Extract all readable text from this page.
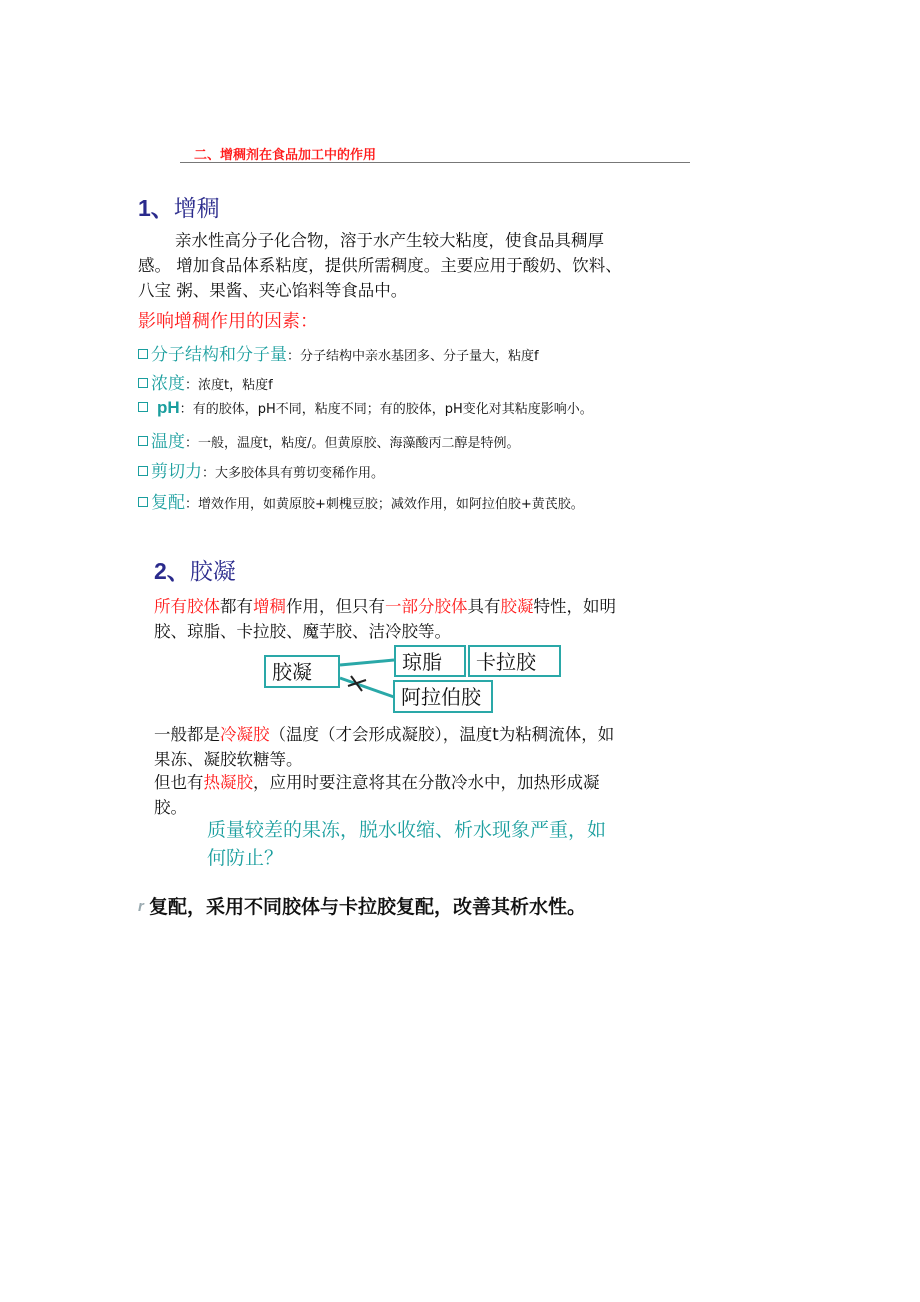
二、增稠剂在食品加工中的作用
1、增稠
亲水性高分子化合物，溶于水产生较大粘度，使食品具稠厚
感。 增加食品体系粘度，提供所需稠度。主要应用于酸奶、饮料、
八宝 粥、果酱、夹心馅料等食品中。
影响增稠作用的因素：
分子结构和分子量：分子结构中亲水基团多、分子量大，粘度f
浓度：浓度t，粘度f
pH：有的胶体，pH不同，粘度不同；有的胶体，pH变化对其粘度影响小。
温度：一般，温度t，粘度/。但黄原胶、海藻酸丙二醇是特例。
剪切力：大多胶体具有剪切变稀作用。
复配：增效作用，如黄原胶+刺槐豆胶；减效作用，如阿拉伯胶+黄芪胶。
2、胶凝
所有胶体都有增稠作用，但只有一部分胶体具有胶凝特性，如明
胶、琼脂、卡拉胶、魔芋胶、洁冷胶等。
胶凝	琼脂	卡拉胶
阿拉伯胶
一般都是冷凝胶（温度（才会形成凝胶），温度t为粘稠流体，如
果冻、凝胶软糖等。
但也有热凝胶，应用时要注意将其在分散冷水中，加热形成凝
胶。
质量较差的果冻，脱水收缩、析水现象严重，如
何防止？
r 复配，采用不同胶体与卡拉胶复配，改善其析水性。
